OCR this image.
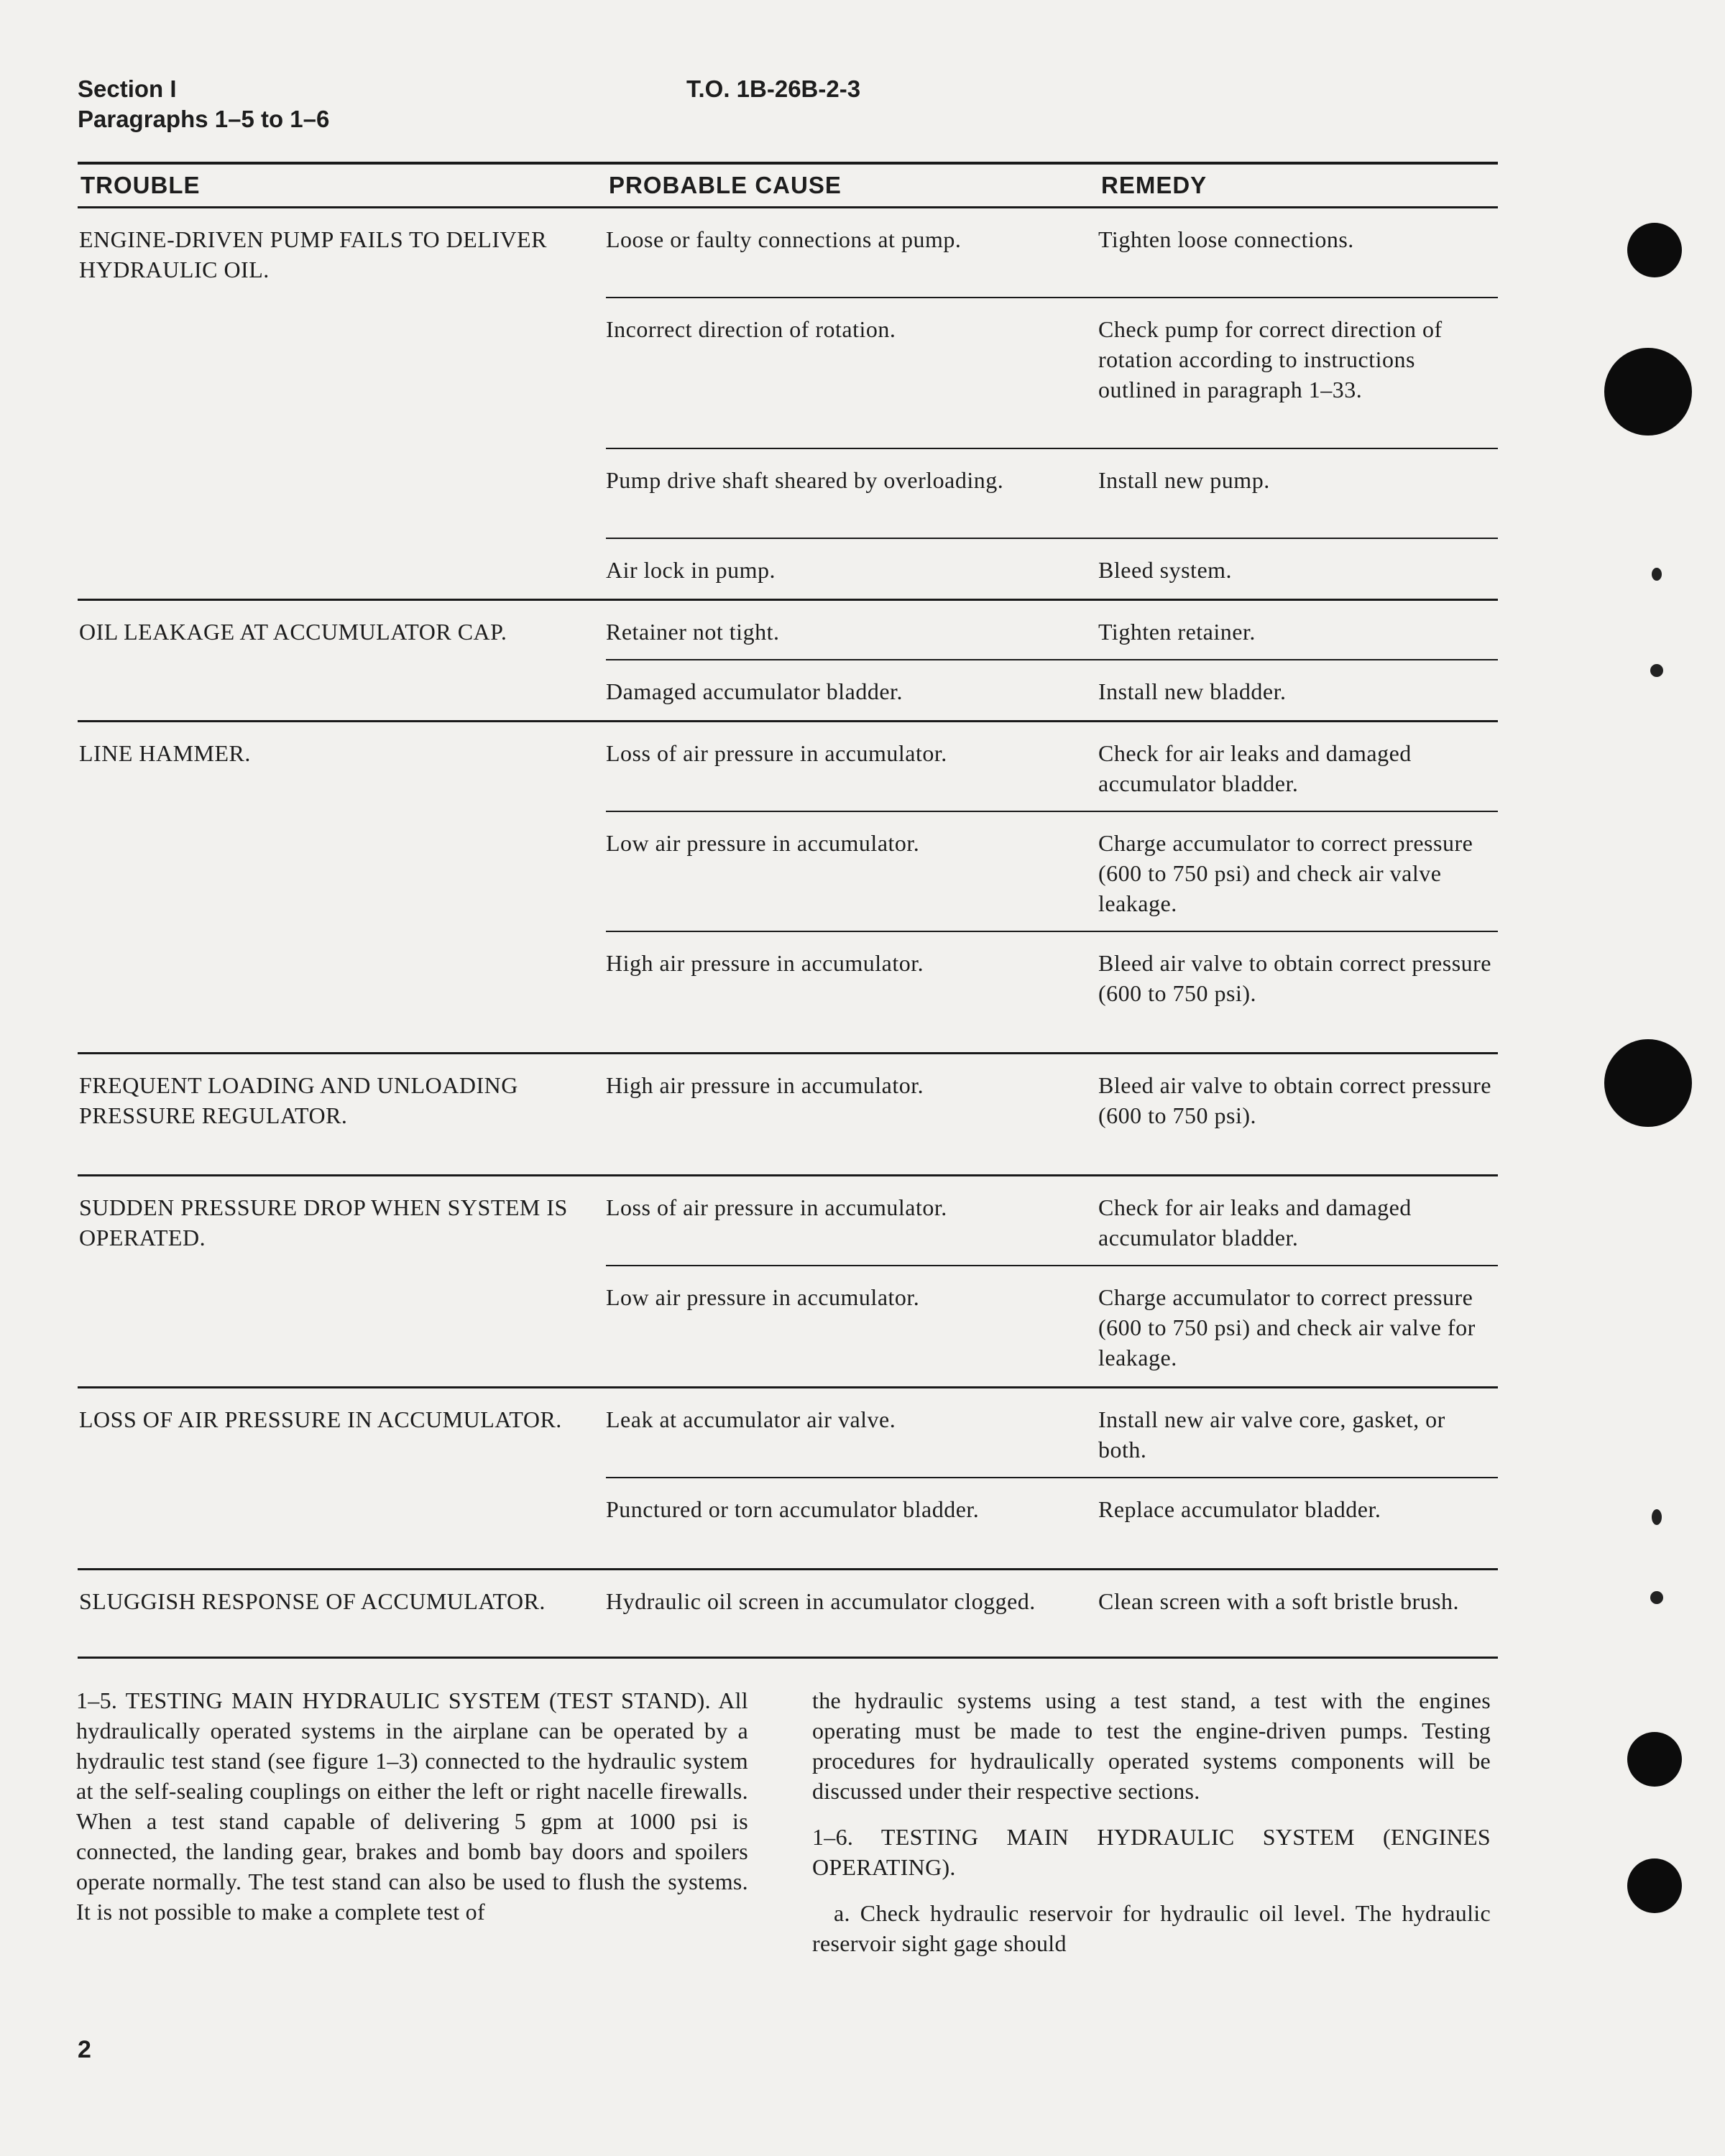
Section I
Paragraphs 1–5 to 1–6
T.O. 1B-26B-2-3
TROUBLE	PROBABLE CAUSE	REMEDY
ENGINE-DRIVEN PUMP FAILS TO DELIVER HYDRAULIC OIL.
Loose or faulty connections at pump.	Tighten loose connections.
Incorrect direction of rotation.	Check pump for correct direction of rotation according to instructions outlined in paragraph 1–33.
Pump drive shaft sheared by overloading.	Install new pump.
Air lock in pump.	Bleed system.
OIL LEAKAGE AT ACCUMULATOR CAP.	Retainer not tight.	Tighten retainer.
Damaged accumulator bladder.	Install new bladder.
LINE HAMMER.	Loss of air pressure in accumulator.	Check for air leaks and damaged accumulator bladder.
Low air pressure in accumulator.	Charge accumulator to correct pressure (600 to 750 psi) and check air valve leakage.
High air pressure in accumulator.	Bleed air valve to obtain correct pressure (600 to 750 psi).
FREQUENT LOADING AND UNLOADING PRESSURE REGULATOR.
High air pressure in accumulator.	Bleed air valve to obtain correct pressure (600 to 750 psi).
SUDDEN PRESSURE DROP WHEN SYSTEM IS OPERATED.
Loss of air pressure in accumulator.	Check for air leaks and damaged accumulator bladder.
Low air pressure in accumulator.	Charge accumulator to correct pressure (600 to 750 psi) and check air valve for leakage.
LOSS OF AIR PRESSURE IN ACCUMULATOR.	Leak at accumulator air valve.	Install new air valve core, gasket, or both.
Punctured or torn accumulator bladder.	Replace accumulator bladder.
SLUGGISH RESPONSE OF ACCUMULATOR.	Hydraulic oil screen in accumulator clogged.	Clean screen with a soft bristle brush.

1–5. TESTING MAIN HYDRAULIC SYSTEM (TEST STAND). All hydraulically operated systems in the airplane can be operated by a hydraulic test stand (see figure 1–3) connected to the hydraulic system at the self-sealing couplings on either the left or right nacelle firewalls. When a test stand capable of delivering 5 gpm at 1000 psi is connected, the landing gear, brakes and bomb bay doors and spoilers operate normally. The test stand can also be used to flush the systems. It is not possible to make a complete test of

the hydraulic systems using a test stand, a test with the engines operating must be made to test the engine-driven pumps. Testing procedures for hydraulically operated systems components will be discussed under their respective sections.

1–6. TESTING MAIN HYDRAULIC SYSTEM (ENGINES OPERATING).

a. Check hydraulic reservoir for hydraulic oil level. The hydraulic reservoir sight gage should

2
